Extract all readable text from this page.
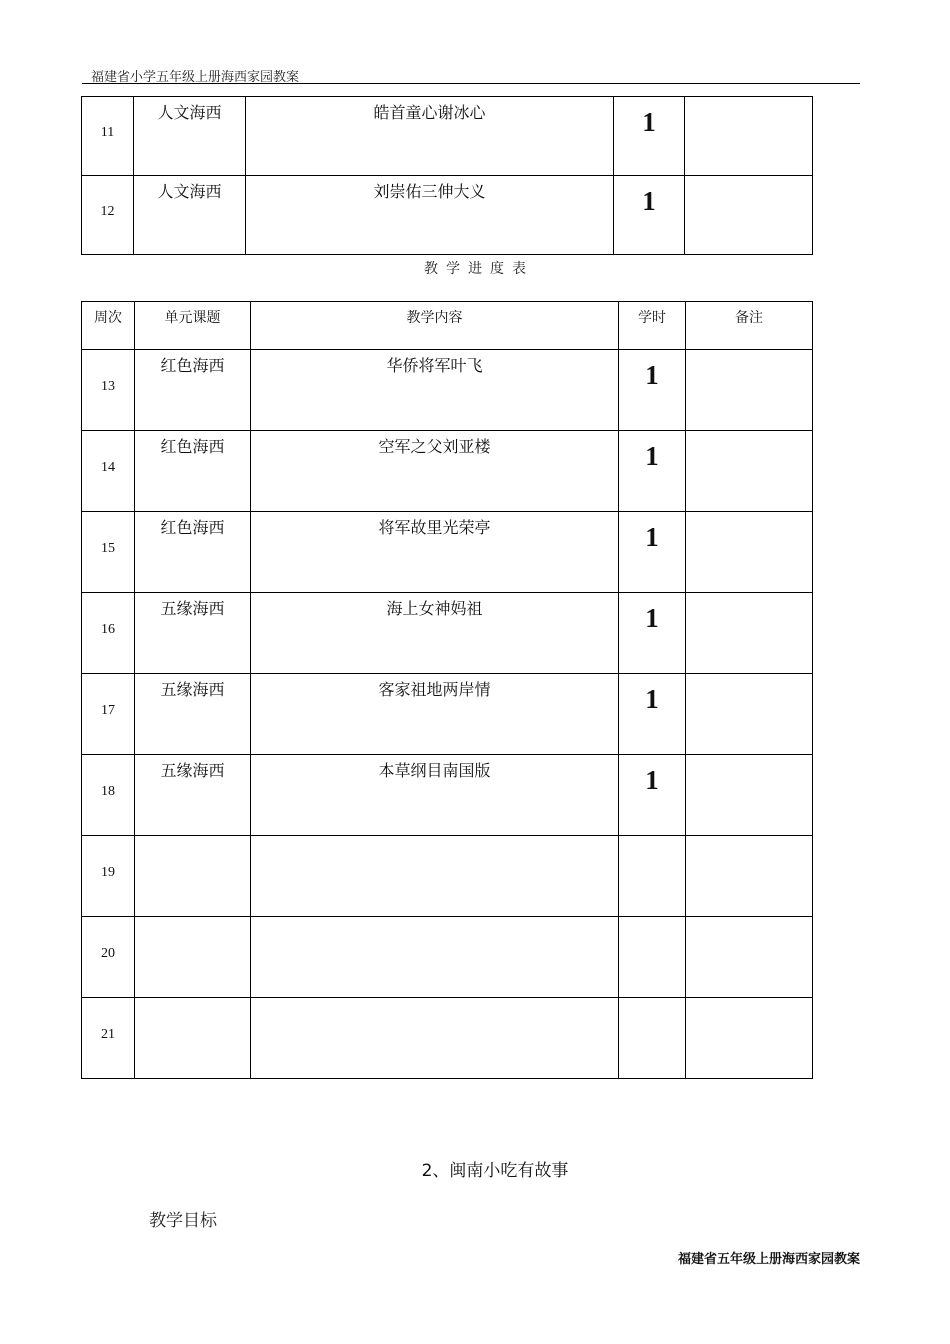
福建省小学五年级上册海西家园教案
11	人文海西	皓首童心谢冰心	1	
12	人文海西	刘崇佑三伸大义	1	
教学进度表
周次	单元课题	教学内容	学时	备注
13	红色海西	华侨将军叶飞	1	
14	红色海西	空军之父刘亚楼	1	
15	红色海西	将军故里光荣亭	1	
16	五缘海西	海上女神妈祖	1	
17	五缘海西	客家祖地两岸情	1	
18	五缘海西	本草纲目南国版	1	
19				
20				
21				
2、闽南小吃有故事
教学目标
福建省五年级上册海西家园教案
